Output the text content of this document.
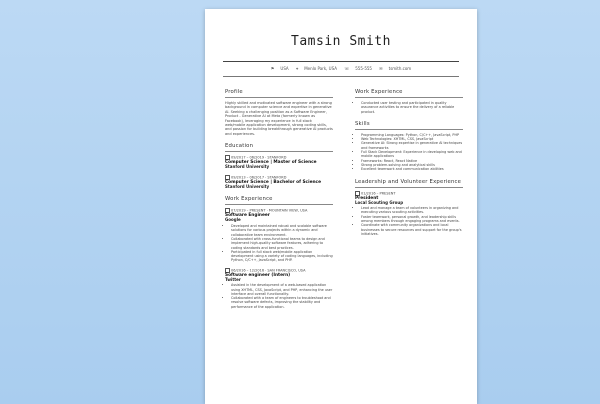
Tamsin Smith
⚑ USA ⌖ Menlo Park, USA ☏ 555-555 ✉ tsmith.com
Profile

Highly skilled and motivated software engineer with a strong background in computer science and expertise in generative AI. Seeking a challenging position as a Software Engineer, Product - Generative AI at Meta (formerly known as Facebook), leveraging my experience in full stack web/mobile application development, strong coding skills, and passion for building breakthrough generative AI products and experiences.

Education
09/2017 – 06/2019 · STANFORD
Computer Science | Master of Science
Stanford University
09/2013 – 06/2017 · STANFORD
Computer Science | Bachelor of Science
Stanford University
Work Experience
07/2019 – PRESENT · MOUNTAIN VIEW, USA
Software Engineer
Google
• Developed and maintained robust and scalable software solutions for various projects within a dynamic and collaborative team environment.
• Collaborated with cross-functional teams to design and implement high-quality software features, adhering to coding standards and best practices.
• Participated in full stack web/mobile application development using a variety of coding languages, including Python, C/C++, JavaScript, and PHP.
06/2016 – 12/2016 · SAN FRANCISCO, USA
Software engineer (Intern)
Twitter
• Assisted in the development of a web-based application using XHTML, CSS, JavaScript, and PHP, enhancing the user interface and overall functionality.
• Collaborated with a team of engineers to troubleshoot and resolve software defects, improving the stability and performance of the application.
Work Experience
• Conducted user testing and participated in quality assurance activities to ensure the delivery of a reliable product.
Skills
• Programming Languages: Python, C/C++, JavaScript, PHP
• Web Technologies: XHTML, CSS, JavaScript
• Generative AI: Strong expertise in generative AI techniques and frameworks
• Full Stack Development: Experience in developing web and mobile applications
• Frameworks: React, React Native
• Strong problem-solving and analytical skills
• Excellent teamwork and communication abilities
Leadership and Volunteer Experience
01/2016 – PRESENT
President
Local Scouting Group
• Lead and manage a team of volunteers in organizing and executing various scouting activities.
• Foster teamwork, personal growth, and leadership skills among members through engaging programs and events.
• Coordinate with community organizations and local businesses to secure resources and support for the group's initiatives.
